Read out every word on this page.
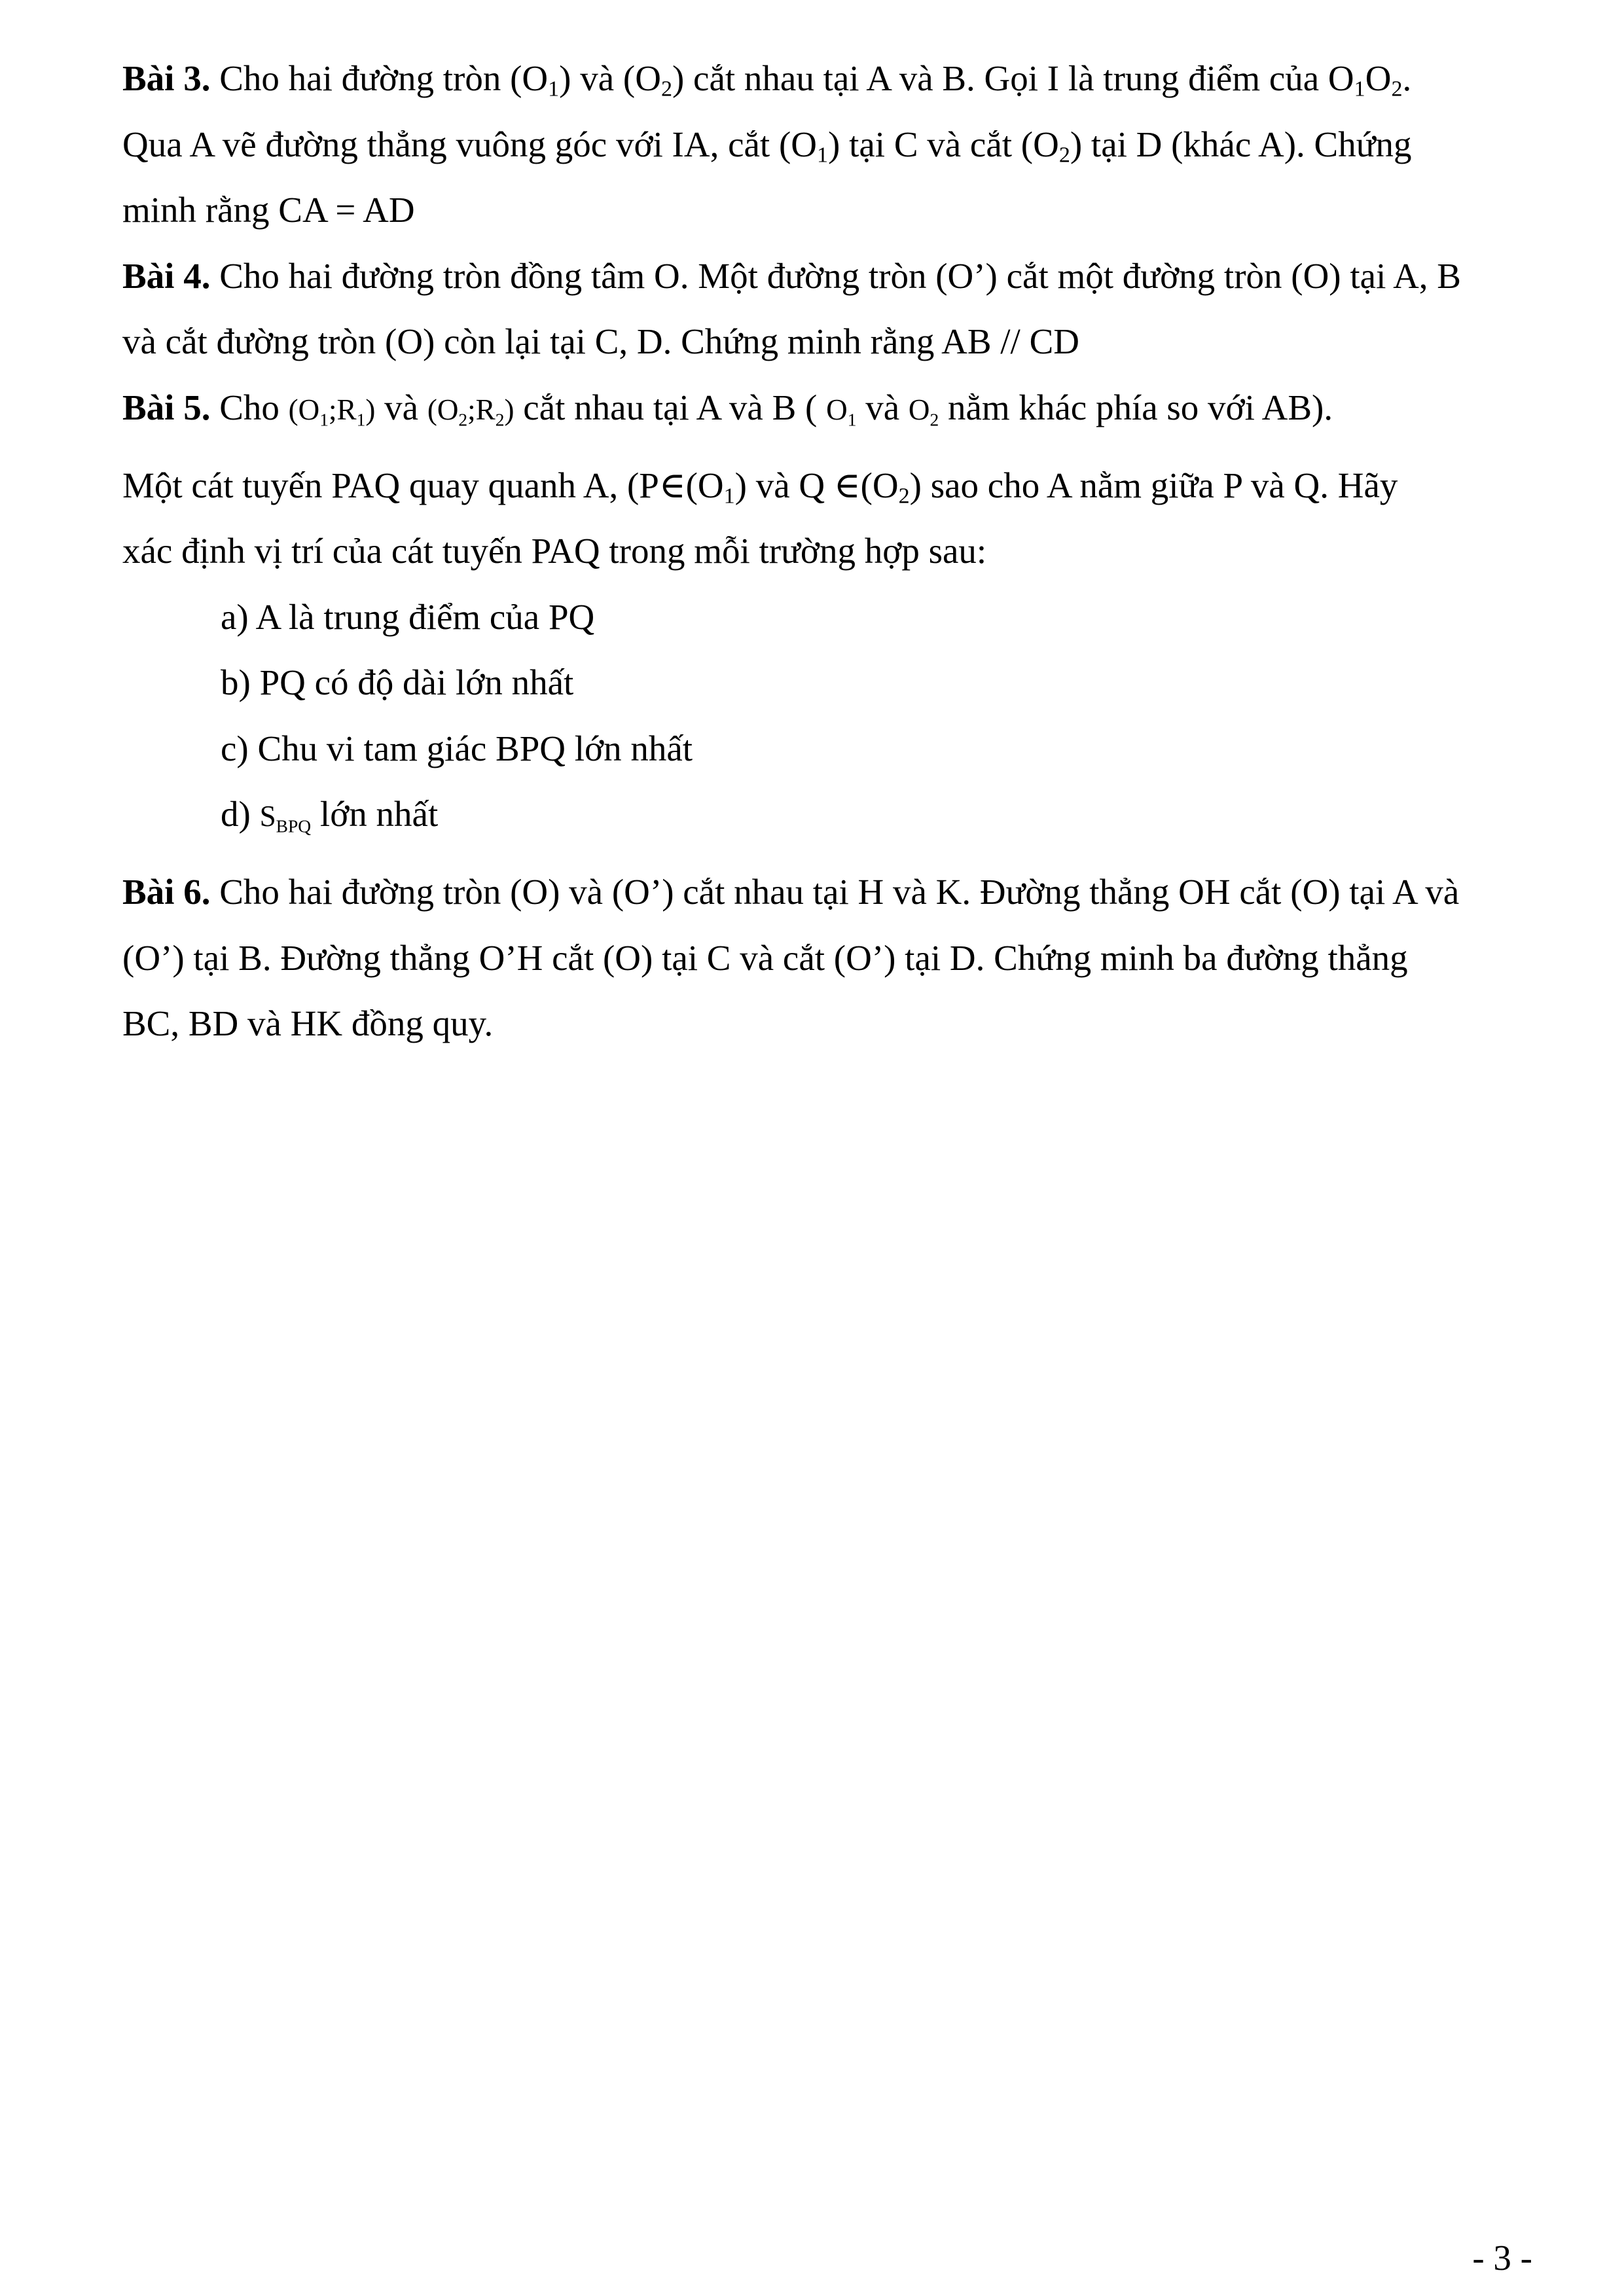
Bài 3. Cho hai đường tròn $(O_1)$ và $(O_2)$ cắt nhau tại A và B. Gọi I là trung điểm của $O_1O_2$.
Qua A vẽ đường thẳng vuông góc với IA, cắt $(O_1)$ tại C và cắt $(O_2)$ tại D (khác A). Chứng
minh rằng CA = AD
Bài 4. Cho hai đường tròn đồng tâm O. Một đường tròn (O’) cắt một đường tròn (O) tại A, B
và cắt đường tròn (O) còn lại tại C, D. Chứng minh rằng AB // CD
Bài 5. Cho (O1;R1) và (O2;R2) cắt nhau tại A và B ( O1 và O2 nằm khác phía so với AB).
Một cát tuyến PAQ quay quanh A, ($P\in(O_1)$ và Q $\in(O_2)$ sao cho A nằm giữa P và Q. Hãy
xác định vị trí của cát tuyến PAQ trong mỗi trường hợp sau:
a) A là trung điểm của PQ
b) PQ có độ dài lớn nhất
c) Chu vi tam giác BPQ lớn nhất
d) SBPQ lớn nhất
Bài 6. Cho hai đường tròn (O) và (O’) cắt nhau tại H và K. Đường thẳng OH cắt (O) tại A và
(O’) tại B. Đường thẳng O’H cắt (O) tại C và cắt (O’) tại D. Chứng minh ba đường thẳng
BC, BD và HK đồng quy.
- 3 -
